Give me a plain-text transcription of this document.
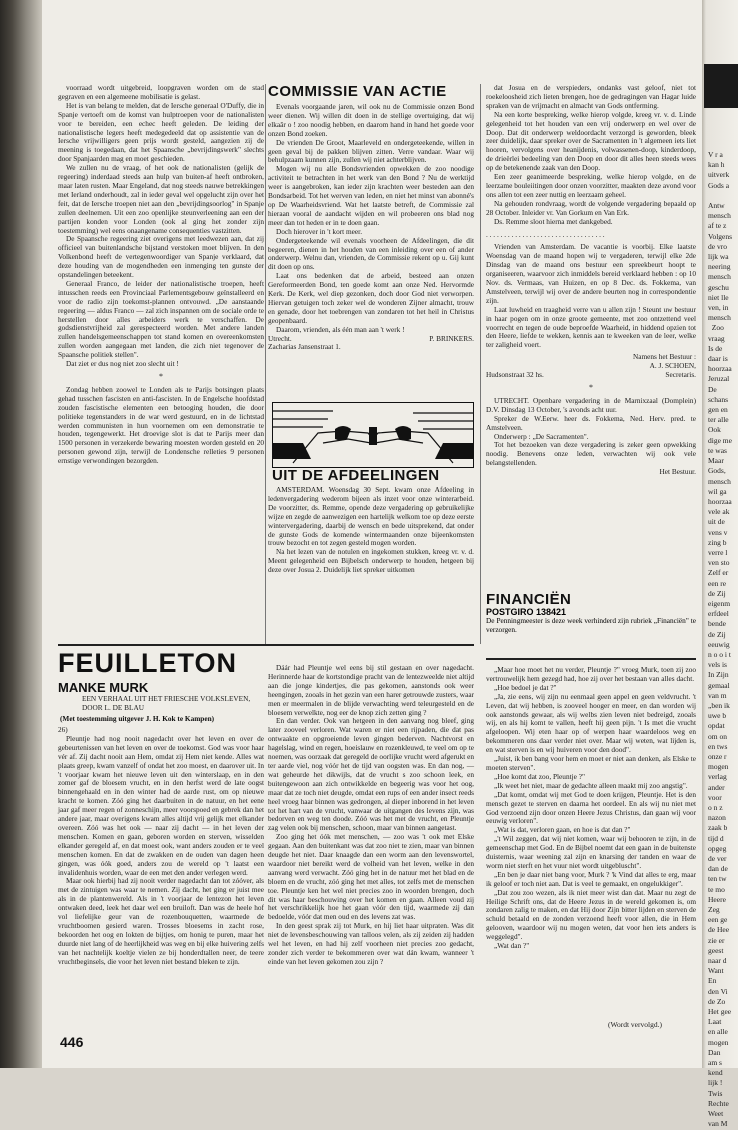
voorraad wordt uitgebreid, loopgraven worden om de stad gegraven en een algemeene mobilisatie is gelast.

Het is van belang te melden, dat de Iersche generaal O'Duffy, die in Spanje vertoeft om de komst van hulptroepen voor de nationalisten voor te bereiden, een echec heeft geleden. De leiding der nationalistische legers heeft medegedeeld dat op assistentie van de Iersche vrijwilligers geen prijs wordt gesteld, aangezien zij de meening is toegedaan, dat het Spaansche „bevrijdingswerk" slechts door Spanjaarden mag en moet geschieden.

We zullen nu de vraag, of het ook de nationalisten (gelijk de regeering) inderdaad steeds aan hulp van buiten-af heeft ontbroken, maar laten rusten. Maar Engeland, dat nog steeds nauwe betrekkingen met Ierland onderhoudt, zal in ieder geval wel opgelucht zijn over het feit, dat de Iersche troepen niet aan den „bevrijdingsoorlog" in Spanje zullen deelnemen. Uit een zoo openlijke steunverleening aan een der partijen konden voor Londen (ook al ging het zonder zijn toestemming) wel eens onaangename consequenties vastzitten.

De Spaansche regeering ziet overigens met leedwezen aan, dat zij officieel van buitenlandsche bijstand verstoken moet blijven. In den Volkenbond heeft de vertegenwoordiger van Spanje verklaard, dat deze houding van de mogendheden een inmenging ten gunste der opstandelingen beteekent.

Generaal Franco, de leider der nationalistische troepen, heeft intusschen reeds een Provinciaal Parlementsgebouw geïnstalleerd en voor de radio zijn toekomst-plannen ontvouwd. „De aanstaande regeering — aldus Franco — zal zich inspannen om de sociale orde te herstellen door alles arbeiders werk te verschaffen. De godsdienstvrijheid zal gerespecteerd worden. Met andere landen zullen handelsgemeenschappen tot stand komen en overeenkomsten zullen worden aangegaan met landen, die zich niet tegenover de Spaansche politiek stellen".

Dat ziet er dus nog niet zoo slecht uit !

*

Zondag hebben zoowel te Londen als te Parijs botsingen plaats gehad tusschen fascisten en anti-fascisten. In de Engelsche hoofdstad zouden fascistische elementen een betooging houden, die door politieke tegenstanders in de war werd gestuurd, en in de lichtstad werden communisten in hun voornemen om een demonstratie te houden, tegengewerkt. Het droevige slot is dat te Parijs meer dan 1500 personen in verzekerde bewaring moesten worden gesteld en 20 personen gewond zijn, terwijl de Londensche relleties 9 personen ernstige verwondingen bezorgden.

COMMISSIE VAN ACTIE

Evenals voorgaande jaren, wil ook nu de Commissie onzen Bond weer dienen. Wij willen dit doen in de stellige overtuiging, dat wij elkaâr o ! zoo noodig hebben, en daarom hand in hand het goede voor onzen Bond zoeken.

De vrienden De Groot, Maarleveld en ondergeteekende, willen in geen geval bij de pakken blijven zitten. Verre vandaar. Waar wij behulpzaam kunnen zijn, zullen wij niet achterblijven.

Mogen wij nu alle Bondsvrienden opwekken de zoo noodige activiteit te betrachten in het werk van den Bond ? Nu de werktijd weer is aangebroken, kan ieder zijn krachten weer besteden aan den Bondsarbeid. Tot het werven van leden, en niet het minst van abonné's op De Waarheidsvriend. Wat het laatste betreft, de Commissie zal hieraan vooral de aandacht wijden en wil probeeren ons blad nog meer dan tot heden er in te doen gaan.

Doch hierover in 't kort meer.

Ondergeteekende wil evenals voorheen de Afdeelingen, die dit begeeren, dienen in het houden van een inleiding over een of ander onderwerp. Welnu dan, vrienden, de Commissie rekent op u. Gij kunt dit doen op ons.

Laat ons bedenken dat de arbeid, besteed aan onzen Gereformeerden Bond, ten goede komt aan onze Ned. Hervormde Kerk. De Kerk, wel diep gezonken, doch door God niet verworpen. Hiervan getuigen toch zeker wel de wonderen Zijner almacht, trouw en genade, door het toebrengen van zondaren tot het heil in Christus geopenbaard.

Daarom, vrienden, als één man aan 't werk !

Utrecht.	P. BRINKERS.
Zacharias Jansenstraat 1.
UIT DE AFDEELINGEN

AMSTERDAM. Woensdag 30 Sept. kwam onze Afdeeling in ledenvergadering wederom bijeen als inzet voor onze winterarbeid. De voorzitter, ds. Remme, opende deze vergadering op gebruikelijke wijze en zegde de aanwezigen een hartelijk welkom toe op deze eerste wintervergadering, daarbij de wensch en bede uitsprekend, dat onder de gunste Gods de komende wintermaanden onze bijeenkomsten trouw bezocht en tot zegen gesteld mogen worden.

Na het lezen van de notulen en ingekomen stukken, kreeg vr. v. d. Meent gelegenheid een Bijbelsch onderwerp te houden, hetgeen bij deze over Josua 2. Duidelijk liet spreker uitkomen

dat Josua en de verspieders, ondanks vast geloof, niet tot roekeloosheid zich lieten brengen, hoe de gedragingen van Hagar luide spraken van de vrijmacht en almacht van Gods ontferming.

Na een korte bespreking, welke hierop volgde, kreeg vr. v. d. Linde gelegenheid tot het houden van een vrij onderwerp en wel over de Doop. Dat dit onderwerp weldoordacht verzorgd is geworden, bleek zeer duidelijk, daar spreker over de Sacramenten in 't algemeen iets liet hooren, vervolgens over heanijdenis, volwassenen-doop, kinderdoop, de drieërlei bedeeling van den Doop en door dit alles heen steeds wees op de betekenende zaak van den Doop.

Een zeer geanimeerde bespreking, welke hierop volgde, en de leerzame bouleiitingen door onzen voorzitter, maakten deze avond voor ons allen tot een zeer nuttig en leerzaam geheel.

Na gehouden rondvraag, wordt de volgende vergadering bepaald op 28 October. Inleider vr. Van Gorkum en Van Erk.

Ds. Remme sloot hierna met dankgebed.

. . . . . . . . . . . . . . . . . . . . . . . . . . . . . . . . .

Vrienden van Amsterdam. De vacantie is voorbij. Elke laatste Woensdag van de maand hopen wij te vergaderen, terwijl elke 2de Dinsdag van de maand ons bestuur een spreekbeurt hoopt te organiseeren, waarvoor zich inmiddels bereid verklaard hebben : op 10 Nov. ds. Vermaas, van Huizen, en op 8 Dec. ds. Fokkema, van Amstelveen, terwijl wij over de andere beurten nog in correspondentie zijn.

Laat luwheid en traagheid verre van u allen zijn ! Steunt uw bestuur in haar pogen om in onze groote gemeente, met zoo ontzettend veel voorrecht en tegen de oude beproefde Waarheid, in hiddend opzien tot den Heere, liefde te wekken, kennis aan te kweeken van de leer, welke ter zaligheid voert.

Namens het Bestuur :
A. J. SCHOEN,
Hudsonstraat 32 hs.	Secretaris.
*

UTRECHT. Openbare vergadering in de Marnixzaal (Domplein) D.V. Dinsdag 13 October, 's avonds acht uur.

Spreker de W.Eerw. heer ds. Fokkema, Ned. Herv. pred. te Amstelveen.

Onderwerp : „De Sacramenten".

Tot het bezoeken van deze vergadering is zeker geen opwekking noodig. Benevens onze leden, verwachten wij ook vele belangstellenden.

Het Bestuur.
FINANCIËN
POSTGIRO 138421
De Penningmeester is deze week verhinderd zijn rubriek „Financiën" te verzorgen.
FEUILLETON
MANKE MURK
EEN VERHAAL UIT HET FRIESCHE VOLKSLEVEN, DOOR L. DE BLAU
(Met toestemming uitgever J. H. Kok te Kampen)
26)

Pleuntje had nog nooit nagedacht over het leven en over de gebeurtenissen van het leven en over de toekomst. God was voor haar vér af. Zij dacht nooit aan Hem, omdat zij Hem niet kende. Alles wat plaats greep, kwam vanzelf of ondat het zoo moest, en daarover uit. In 't voorjaar kwam het nieuwe leven uit den winterslaap, en in den zomer gaf de bloesem vrucht, en in den herfst werd de late oogst binnengehaald en in den winter had de aarde rust, om op nieuwe kracht te komen. Zóó ging het daarbuiten in de natuur, en het eene jaar gaf meer regen of zonneschijn, meer voorspoed en gebrek dan het andere jaar, maar overigens kwam alles altijd vrij gelijk met elkander overeen. Zóó was het ook — naar zij dacht — in het leven der menschen. Komen en gaan, geboren worden en sterven, wisselden elkander geregeld af, en dat moest ook, want anders zouden er te veel menschen komen. En dat de zwakken en de ouden van dagen heen gingen, was óók goed, anders zou de wereld op 't laatst een invalidenhuis worden, waar de een met den ander verlegen werd.

Maar ook hierbij had zij nooit verder nagedacht dan tot zóóver, als met de zintuigen was waar te nemen. Zij dacht, het ging er juist mee als in de plantenwereld. Als in 't voorjaar de lentezon het leven ontwaken deed, leek het daar wel een bruiloft. Dan was de heele hof vol liefelijke geur van de rozenbouquetten, waarmede de vruchtboomen gesierd waren. Trosses bloesems in zacht rose, bekoorden het oog en lokten de bijtjes, om honig te puren, maar het duurde niet lang of de heerlijkheid was weg en bij elke huivering zelfs van het nachtelijk koeltje vielen ze bij honderdtallen neer, de teere vruchtbeginsels, die voor het leven niet bestand bleken te zijn.

Dáár had Pleuntje wel eens bij stil gestaan en over nagedacht. Herinnerde haar de kortstondige pracht van de lentezweelde niet altijd aan die jonge kindertjes, die pas gekomen, aanstonds ook weer heengingen, zooals in het gezin van een harer getrouwde zusters, waar men er meermalen in de blijde verwachting werd teleurgesteld en de bloesem verwelkte, nog eer de knop zich zetten ging ?

En dan verder. Ook van hetgeen in den aanvang nog bleef, ging later zooveel verloren. Wat waren er niet een rijpaden, die dat pas ontwaakte en opgroeiende leven gingen bederven. Nachtvorst en hagelslag, wind en regen, hoeislauw en rozenkleuwd, te veel om op te noemen, was oorzaak dat geregeld de oorlijke vrucht werd afgerukt en ter aarde viel, nog vóór het de tijd van oogsten was. En dan nog, — wat geheurde het dikwijls, dat de vrucht s zoo schoon leek, en buitengewoon aan zich ontwikkelde en begeerig was voor het oog, maar dat ze toch niet deugde, omdat een rups of een ander insect reeds heel vroeg haar binnen was gedrongen, al dieper inborend in het leven tot het hart van de vrucht, vanwaar de uitgangen des levens zijn, was bedorven en weg ten doode. Zóó was het met de vrucht, en Pleuntje zag velen ook bij menschen, schoon, maar van binnen aangetast.

Zoo ging het óók met menschen, — zoo was 't ook met Elske gegaan. Aan den buitenkant was dat zoo niet te zien, maar van binnen deugde het niet. Daar knaagde dan een worm aan den levenswortel, waardoor niet bereikt werd de volheid van het leven, welke in den aanvang werd verwacht. Zóó ging het in de natuur met het blad en de bloem en de vrucht, zóó ging het met alles, tot zelfs met de menschen toe. Pleuntje ken het wel niet precies zoo in woorden brengen, doch dit was haar beschouwing over het komen en gaan. Alleen voud zij het verschrikkelijk hoe het gaan vóór den tijd, waarmede zij dan bedoelde, vóór dat men oud en des levens zat was.

In den geest sprak zij tot Murk, en hij liet haar uitpraten. Was dit niet de levensbeschouwing van talloos velen, als zij zeiden zij hadden wel het leven, en had hij zelf voorheen niet precies zoo gedacht, zonder zich verder te bekommeren over wat dán kwam, wanneer 't einde van het leven gekomen zou zijn ?

„Maar hoe moet het nu verder, Pleuntje ?" vroeg Murk, toen zij zoo vertrouwelijk hem gezegd had, hoe zij over het bestaan van alles dacht.

„Hoe bedoel je dat ?"

„Ja, zie eens, wij zijn nu eenmaal geen appel en geen veldvrucht. 't Leven, dat wij hebben, is zooveel hooger en meer, en dan worden wij ook aanstonds gewaar, als wij welbs zien leven niet bedreigd, zooals wij, en als hij komt te vallen, heeft hij geen pijn. 't Is met die vrucht afgeloopen. Wij eten haar op of werpen haar waardeloos weg en bekommeren ons daar verder niet over. Maar wij weten, wat lijden is, en wat sterven is en wij huiveren voor den dood".

„Juist, ik ben bang voor hem en moet er niet aan denken, als Elske te moeten sterven".

„Hoe komt dat zoo, Pleuntje ?"

„Ik weet het niet, maar de gedachte alleen maakt mij zoo angstig".

„Dat komt, omdat wij met God te doen krijgen, Pleuntje. Het is den mensch gezet te sterven en daarna het oordeel. En als wij nu niet met God verzoend zijn door onzen Heere Jezus Christus, dan gaan wij voor eeuwig verloren".

„Wat is dat, verloren gaan, en hoe is dat dan ?"

„'t Wil zeggen, dat wij niet komen, waar wij behooren te zijn, in de gemeenschap met God. En de Bijbel noemt dat een gaan in de buitenste duisternis, waar weening zal zijn en knarsing der tanden en waar de worm niet sterft en het vuur niet wordt uitgebluscht".

„En ben je daar niet bang voor, Murk ? 'k Vind dat alles te erg, maar ik geloof er toch niet aan. Dat is veel te gemaakt, en ongelukkiger".

„Dat zou zoo wezen, als ik niet meer wist dan dat. Maar nu zegt de Heilige Schrift ons, dat de Heere Jezus in de wereld gekomen is, om zondaren zalig te maken, en dat Hij door Zijn bitter lijden en sterven de schuld betaald en de zonden verzoend heeft voor allen, die in Hem gelooven, waardoor wij nu mogen weten, dat voor hen iets anders is weggelegd".

„Wat dan ?"

(Wordt vervolgd.)
446
V r a
kan h
uitverk
Gods a

Antw
mensch
af te z
Volgens
de vro
lijk wa
neering
mensch
geschu
niet lle
ven, in
mensch
Zoo
vraag
Is de
daar is
hoorzaa
Jeruzal
De
schans
gen en
ter alle
Ook
dige me
te was
Maar
Gods,
mensch
wil ga
hoorzaa
vele ak
uit de
vens v
zing b
verre l
ven sto
Zelf er
een re
de Zij
eigenm
erfdeel
bende
de Zij
eeuwig
n o o i t
vels is
In Zijn
gemaal
van m
„ben ik
uwe b
opdat
om on
en tws
onze r
mogen
verlag
ander
voor
o n z
nazon
zaak b
tijd d
opgeg
de ver
dan de
ten tw
te mo
Heere
Zeg
een ge
de Hee
zie er
geest
naar d
Want
En
den Vi
de Zo
Het gee
Laat
en alle
mogen
Dan
am s
kend
lijk !
Twis
Rechte
Weet
van M
